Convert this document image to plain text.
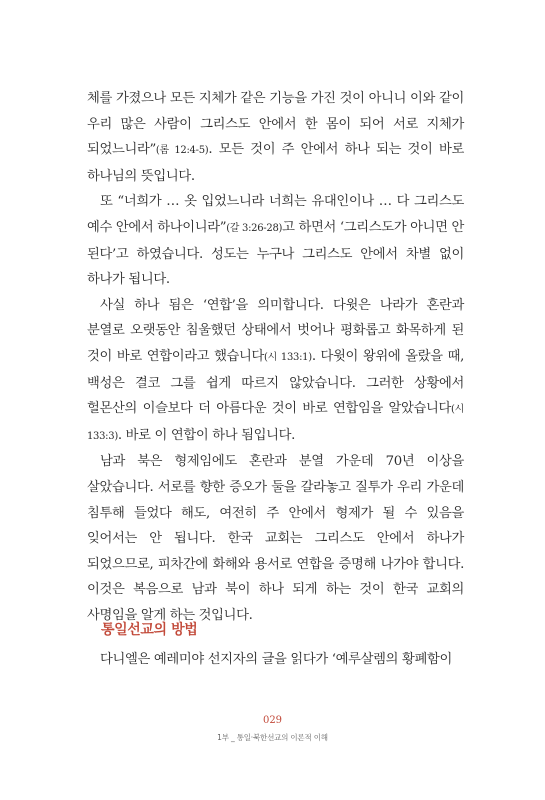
체를 가졌으나 모든 지체가 같은 기능을 가진 것이 아니니 이와 같이 우리 많은 사람이 그리스도 안에서 한 몸이 되어 서로 지체가 되었느니라”(롬 12:4-5). 모든 것이 주 안에서 하나 되는 것이 바로 하나님의 뜻입니다.

또 “너희가 … 옷 입었느니라 너희는 유대인이나 … 다 그리스도 예수 안에서 하나이니라”(갈 3:26-28)고 하면서 ‘그리스도가 아니면 안 된다’고 하였습니다. 성도는 누구나 그리스도 안에서 차별 없이 하나가 됩니다.

사실 하나 됨은 ‘연합’을 의미합니다. 다윗은 나라가 혼란과 분열로 오랫동안 침울했던 상태에서 벗어나 평화롭고 화목하게 된 것이 바로 연합이라고 했습니다(시 133:1). 다윗이 왕위에 올랐을 때, 백성은 결코 그를 쉽게 따르지 않았습니다. 그러한 상황에서 헐몬산의 이슬보다 더 아름다운 것이 바로 연합임을 알았습니다(시 133:3). 바로 이 연합이 하나 됨입니다.

남과 북은 형제임에도 혼란과 분열 가운데 70년 이상을 살았습니다. 서로를 향한 증오가 둘을 갈라놓고 질투가 우리 가운데 침투해 들었다 해도, 여전히 주 안에서 형제가 될 수 있음을 잊어서는 안 됩니다. 한국 교회는 그리스도 안에서 하나가 되었으므로, 피차간에 화해와 용서로 연합을 증명해 나가야 합니다. 이것은 복음으로 남과 북이 하나 되게 하는 것이 한국 교회의 사명임을 알게 하는 것입니다.

통일선교의 방법

다니엘은 예레미야 선지자의 글을 읽다가 ‘예루살렘의 황폐함이

029
1부 _ 통일·북한선교의 이론적 이해
